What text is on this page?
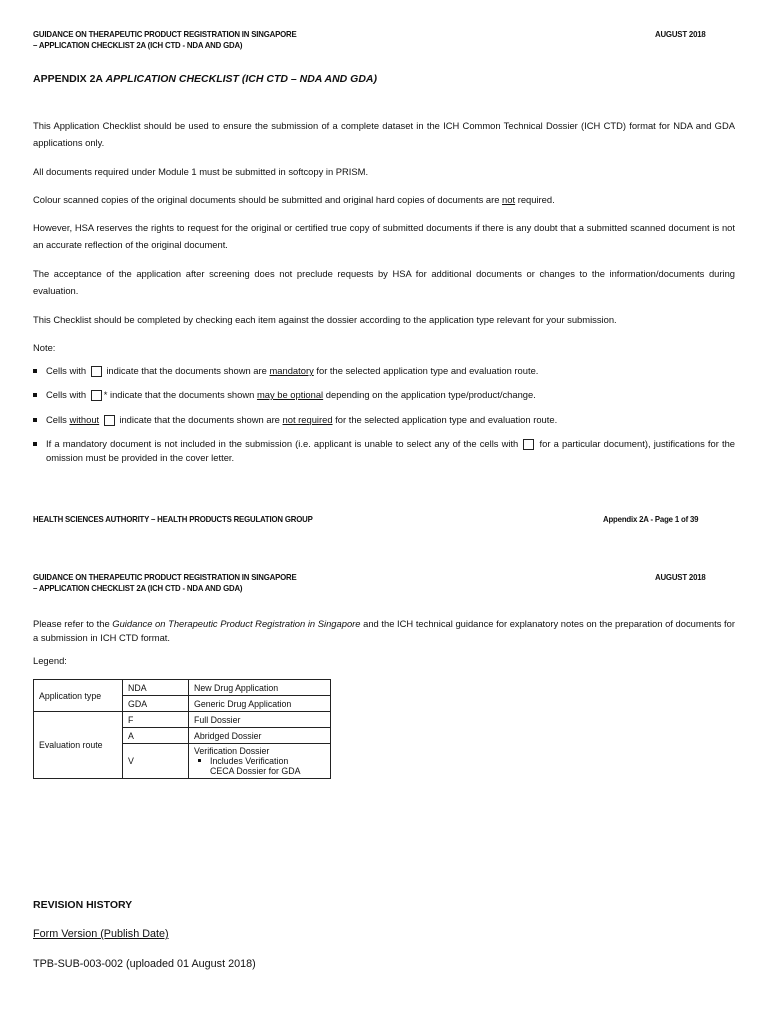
GUIDANCE ON THERAPEUTIC PRODUCT REGISTRATION IN SINGAPORE
– APPLICATION CHECKLIST 2A (ICH CTD - NDA AND GDA)
AUGUST 2018
APPENDIX 2A APPLICATION CHECKLIST (ICH CTD – NDA AND GDA)
This Application Checklist should be used to ensure the submission of a complete dataset in the ICH Common Technical Dossier (ICH CTD) format for NDA and GDA applications only.
All documents required under Module 1 must be submitted in softcopy in PRISM.
Colour scanned copies of the original documents should be submitted and original hard copies of documents are not required.
However, HSA reserves the rights to request for the original or certified true copy of submitted documents if there is any doubt that a submitted scanned document is not an accurate reflection of the original document.
The acceptance of the application after screening does not preclude requests by HSA for additional documents or changes to the information/documents during evaluation.
This Checklist should be completed by checking each item against the dossier according to the application type relevant for your submission.
Note:
Cells with  indicate that the documents shown are mandatory for the selected application type and evaluation route.
Cells with * indicate that the documents shown may be optional depending on the application type/product/change.
Cells without  indicate that the documents shown are not required for the selected application type and evaluation route.
If a mandatory document is not included in the submission (i.e. applicant is unable to select any of the cells with  for a particular document), justifications for the omission must be provided in the cover letter.
HEALTH SCIENCES AUTHORITY – HEALTH PRODUCTS REGULATION GROUP	Appendix 2A - Page 1 of 39
GUIDANCE ON THERAPEUTIC PRODUCT REGISTRATION IN SINGAPORE
– APPLICATION CHECKLIST 2A (ICH CTD - NDA AND GDA)
AUGUST 2018
Please refer to the Guidance on Therapeutic Product Registration in Singapore and the ICH technical guidance for explanatory notes on the preparation of documents for a submission in ICH CTD format.
Legend:
Application type	NDA	New Drug Application
	GDA	Generic Drug Application
Evaluation route	F	Full Dossier
	A	Abridged Dossier
	V	Verification Dossier
Includes Verification CECA Dossier for GDA
REVISION HISTORY
Form Version (Publish Date)
TPB-SUB-003-002 (uploaded 01 August 2018)
